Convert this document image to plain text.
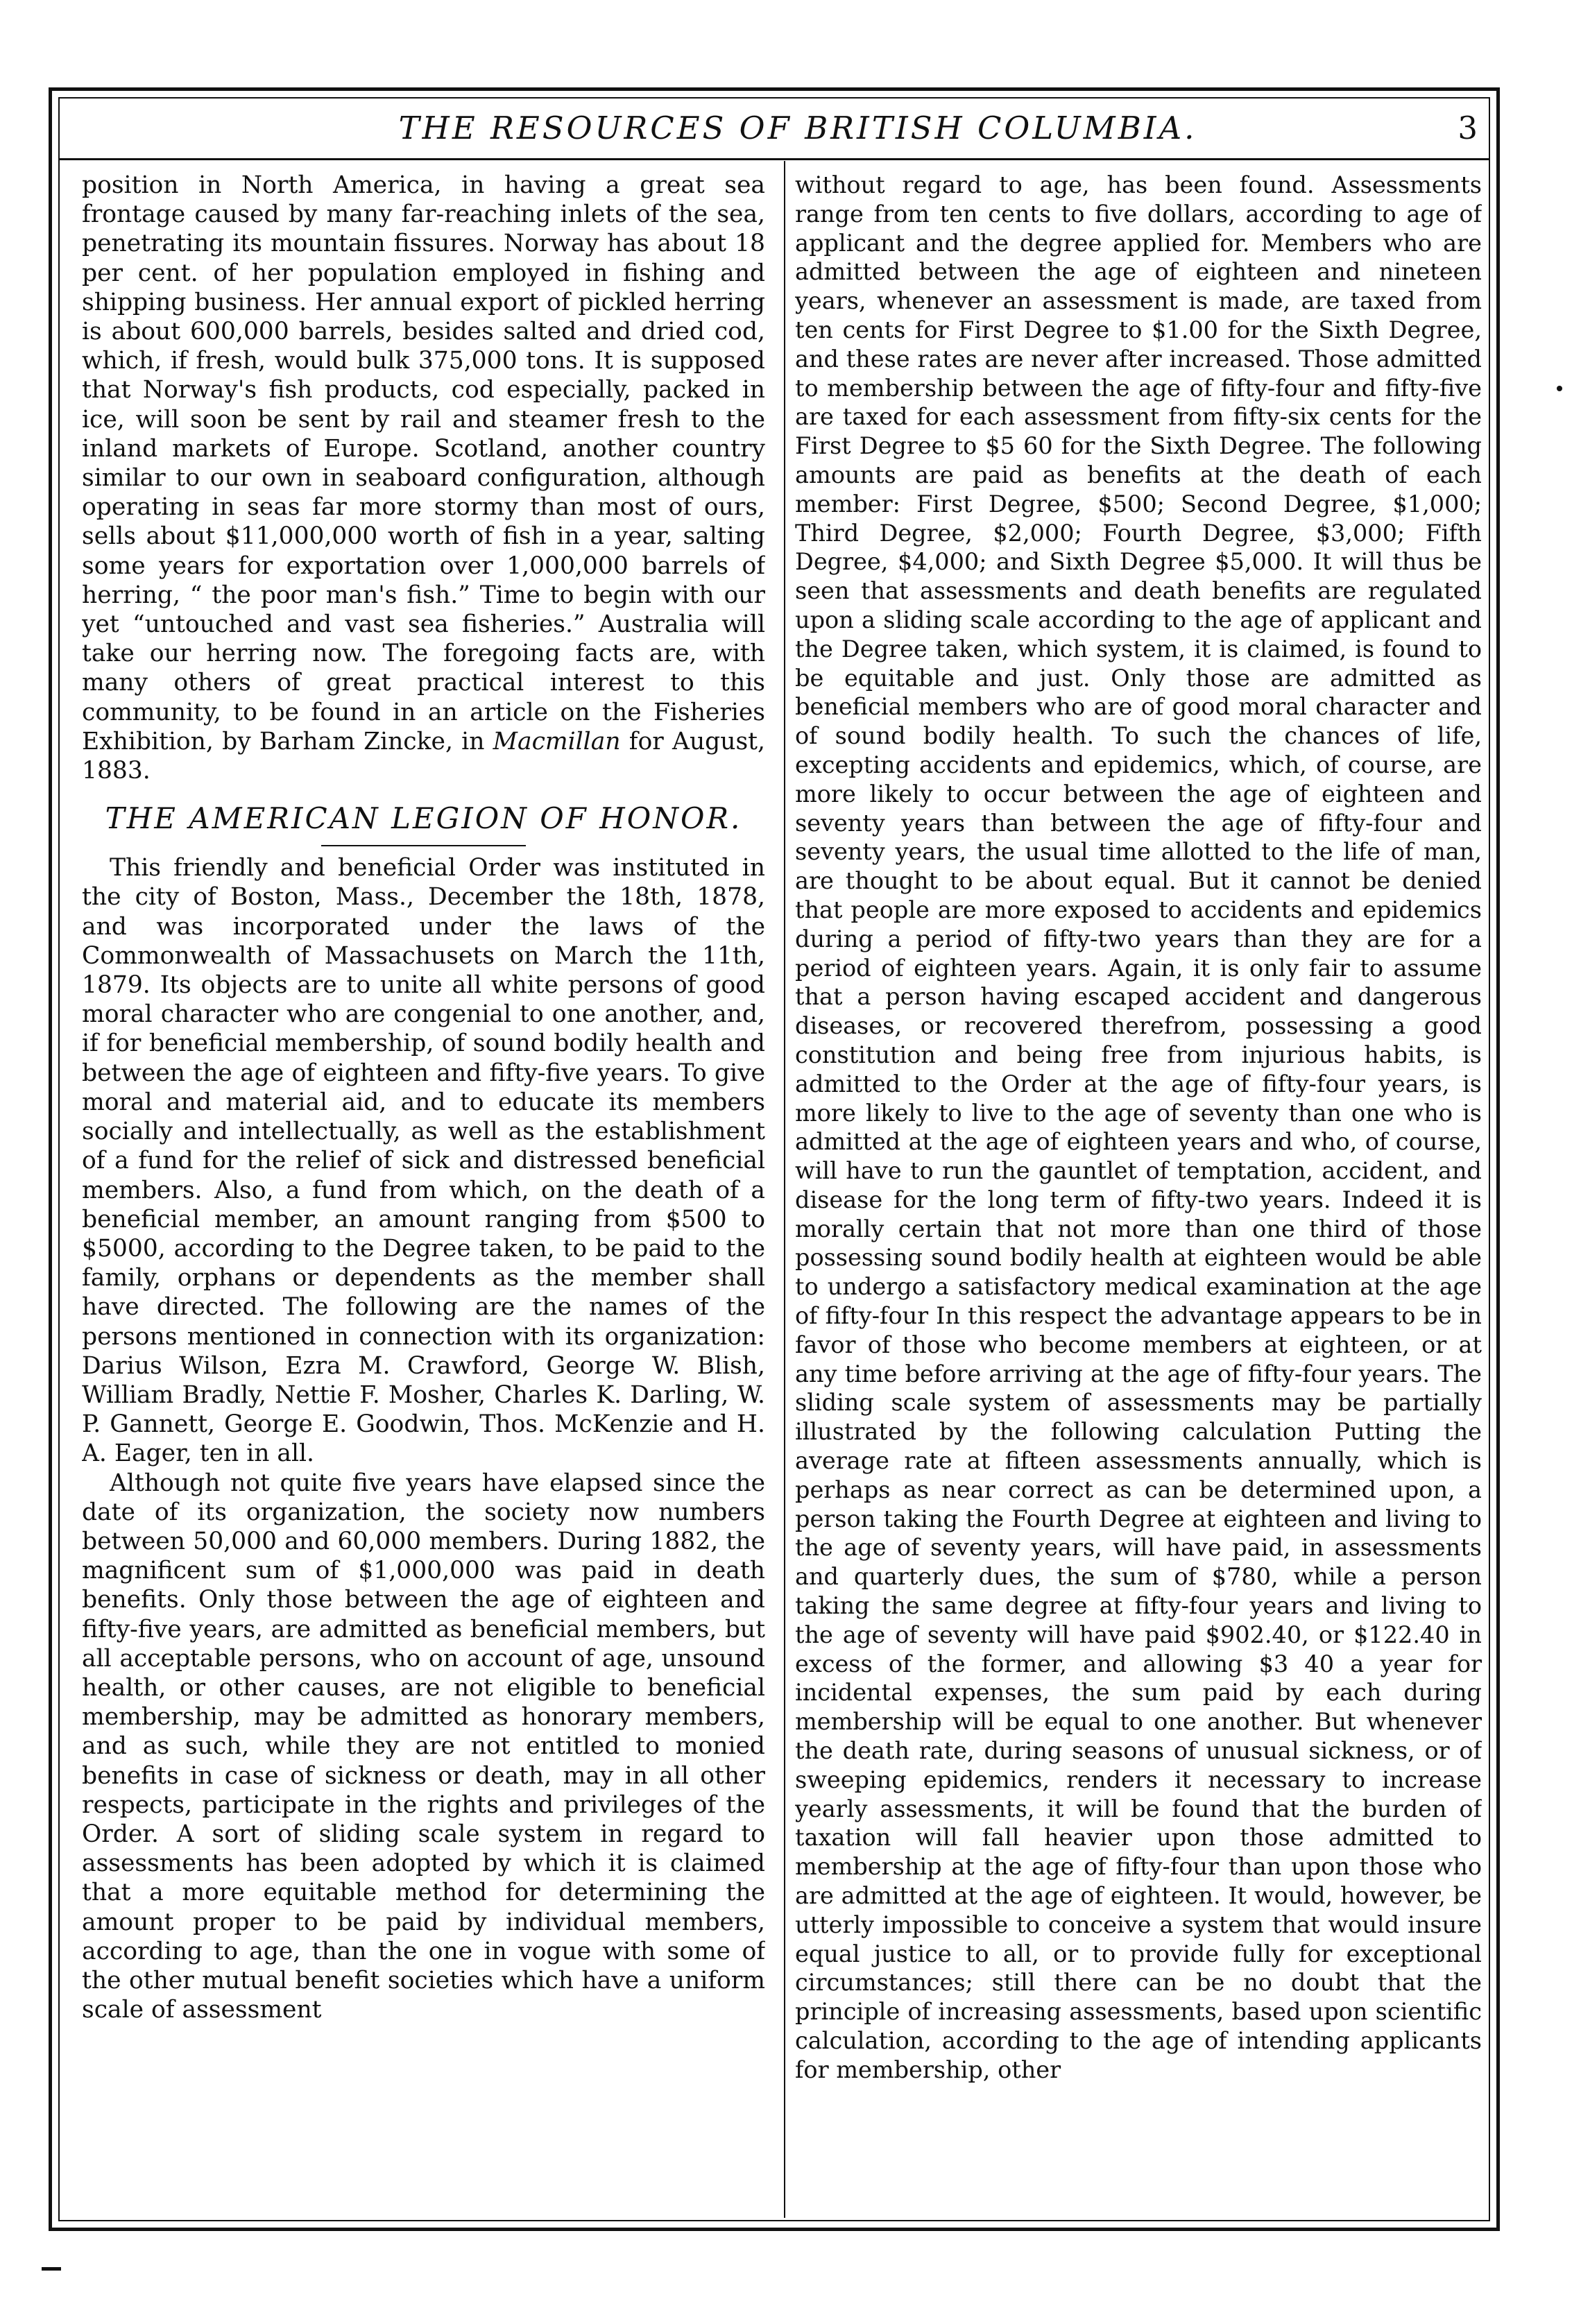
THE RESOURCES OF BRITISH COLUMBIA.	3

position in North America, in having a great sea frontage caused by many far-reaching inlets of the sea, penetrating its mountain fissures. Norway has about 18 per cent. of her population employed in fishing and shipping business. Her annual export of pickled herring is about 600,000 barrels, besides salted and dried cod, which, if fresh, would bulk 375,000 tons. It is supposed that Norway's fish products, cod especially, packed in ice, will soon be sent by rail and steamer fresh to the inland markets of Europe. Scotland, another country similar to our own in seaboard configuration, although operating in seas far more stormy than most of ours, sells about $11,000,000 worth of fish in a year, salting some years for exportation over 1,000,000 barrels of herring, “ the poor man's fish.” Time to begin with our yet “untouched and vast sea fisheries.” Australia will take our herring now. The foregoing facts are, with many others of great practical interest to this community, to be found in an article on the Fisheries Exhibition, by Barham Zincke, in Macmillan for August, 1883.

THE AMERICAN LEGION OF HONOR.

This friendly and beneficial Order was instituted in the city of Boston, Mass., December the 18th, 1878, and was incorporated under the laws of the Commonwealth of Massachusets on March the 11th, 1879. Its objects are to unite all white persons of good moral character who are congenial to one another, and, if for beneficial membership, of sound bodily health and between the age of eighteen and fifty-five years. To give moral and material aid, and to educate its members socially and intellectually, as well as the establishment of a fund for the relief of sick and distressed beneficial members. Also, a fund from which, on the death of a beneficial member, an amount ranging from $500 to $5000, according to the Degree taken, to be paid to the family, orphans or dependents as the member shall have directed. The following are the names of the persons mentioned in connection with its organization: Darius Wilson, Ezra M. Crawford, George W. Blish, William Bradly, Nettie F. Mosher, Charles K. Darling, W. P. Gannett, George E. Goodwin, Thos. McKenzie and H. A. Eager, ten in all.

Although not quite five years have elapsed since the date of its organization, the society now numbers between 50,000 and 60,000 members. During 1882, the magnificent sum of $1,000,000 was paid in death benefits. Only those between the age of eighteen and fifty-five years, are admitted as beneficial members, but all acceptable persons, who on account of age, unsound health, or other causes, are not eligible to beneficial membership, may be admitted as honorary members, and as such, while they are not entitled to monied benefits in case of sickness or death, may in all other respects, participate in the rights and privileges of the Order. A sort of sliding scale system in regard to assessments has been adopted by which it is claimed that a more equitable method for determining the amount proper to be paid by individual members, according to age, than the one in vogue with some of the other mutual benefit societies which have a uniform scale of assessment

without regard to age, has been found. Assessments range from ten cents to five dollars, according to age of applicant and the degree applied for. Members who are admitted between the age of eighteen and nineteen years, whenever an assessment is made, are taxed from ten cents for First Degree to $1.00 for the Sixth Degree, and these rates are never after increased. Those admitted to membership between the age of fifty-four and fifty-five are taxed for each assessment from fifty-six cents for the First Degree to $5 60 for the Sixth Degree. The following amounts are paid as benefits at the death of each member: First Degree, $500; Second Degree, $1,000; Third Degree, $2,000; Fourth Degree, $3,000; Fifth Degree, $4,000; and Sixth Degree $5,000. It will thus be seen that assessments and death benefits are regulated upon a sliding scale according to the age of applicant and the Degree taken, which system, it is claimed, is found to be equitable and just. Only those are admitted as beneficial members who are of good moral character and of sound bodily health. To such the chances of life, excepting accidents and epidemics, which, of course, are more likely to occur between the age of eighteen and seventy years than between the age of fifty-four and seventy years, the usual time allotted to the life of man, are thought to be about equal. But it cannot be denied that people are more exposed to accidents and epidemics during a period of fifty-two years than they are for a period of eighteen years. Again, it is only fair to assume that a person having escaped accident and dangerous diseases, or recovered therefrom, possessing a good constitution and being free from injurious habits, is admitted to the Order at the age of fifty-four years, is more likely to live to the age of seventy than one who is admitted at the age of eighteen years and who, of course, will have to run the gauntlet of temptation, accident, and disease for the long term of fifty-two years. Indeed it is morally certain that not more than one third of those possessing sound bodily health at eighteen would be able to undergo a satisfactory medical examination at the age of fifty-four In this respect the advantage appears to be in favor of those who become members at eighteen, or at any time before arriving at the age of fifty-four years. The sliding scale system of assessments may be partially illustrated by the following calculation Putting the average rate at fifteen assessments annually, which is perhaps as near correct as can be determined upon, a person taking the Fourth Degree at eighteen and living to the age of seventy years, will have paid, in assessments and quarterly dues, the sum of $780, while a person taking the same degree at fifty-four years and living to the age of seventy will have paid $902.40, or $122.40 in excess of the former, and allowing $3 40 a year for incidental expenses, the sum paid by each during membership will be equal to one another. But whenever the death rate, during seasons of unusual sickness, or of sweeping epidemics, renders it necessary to increase yearly assessments, it will be found that the burden of taxation will fall heavier upon those admitted to membership at the age of fifty-four than upon those who are admitted at the age of eighteen. It would, however, be utterly impossible to conceive a system that would insure equal justice to all, or to provide fully for exceptional circumstances; still there can be no doubt that the principle of increasing assessments, based upon scientific calculation, according to the age of intending applicants for membership, other
